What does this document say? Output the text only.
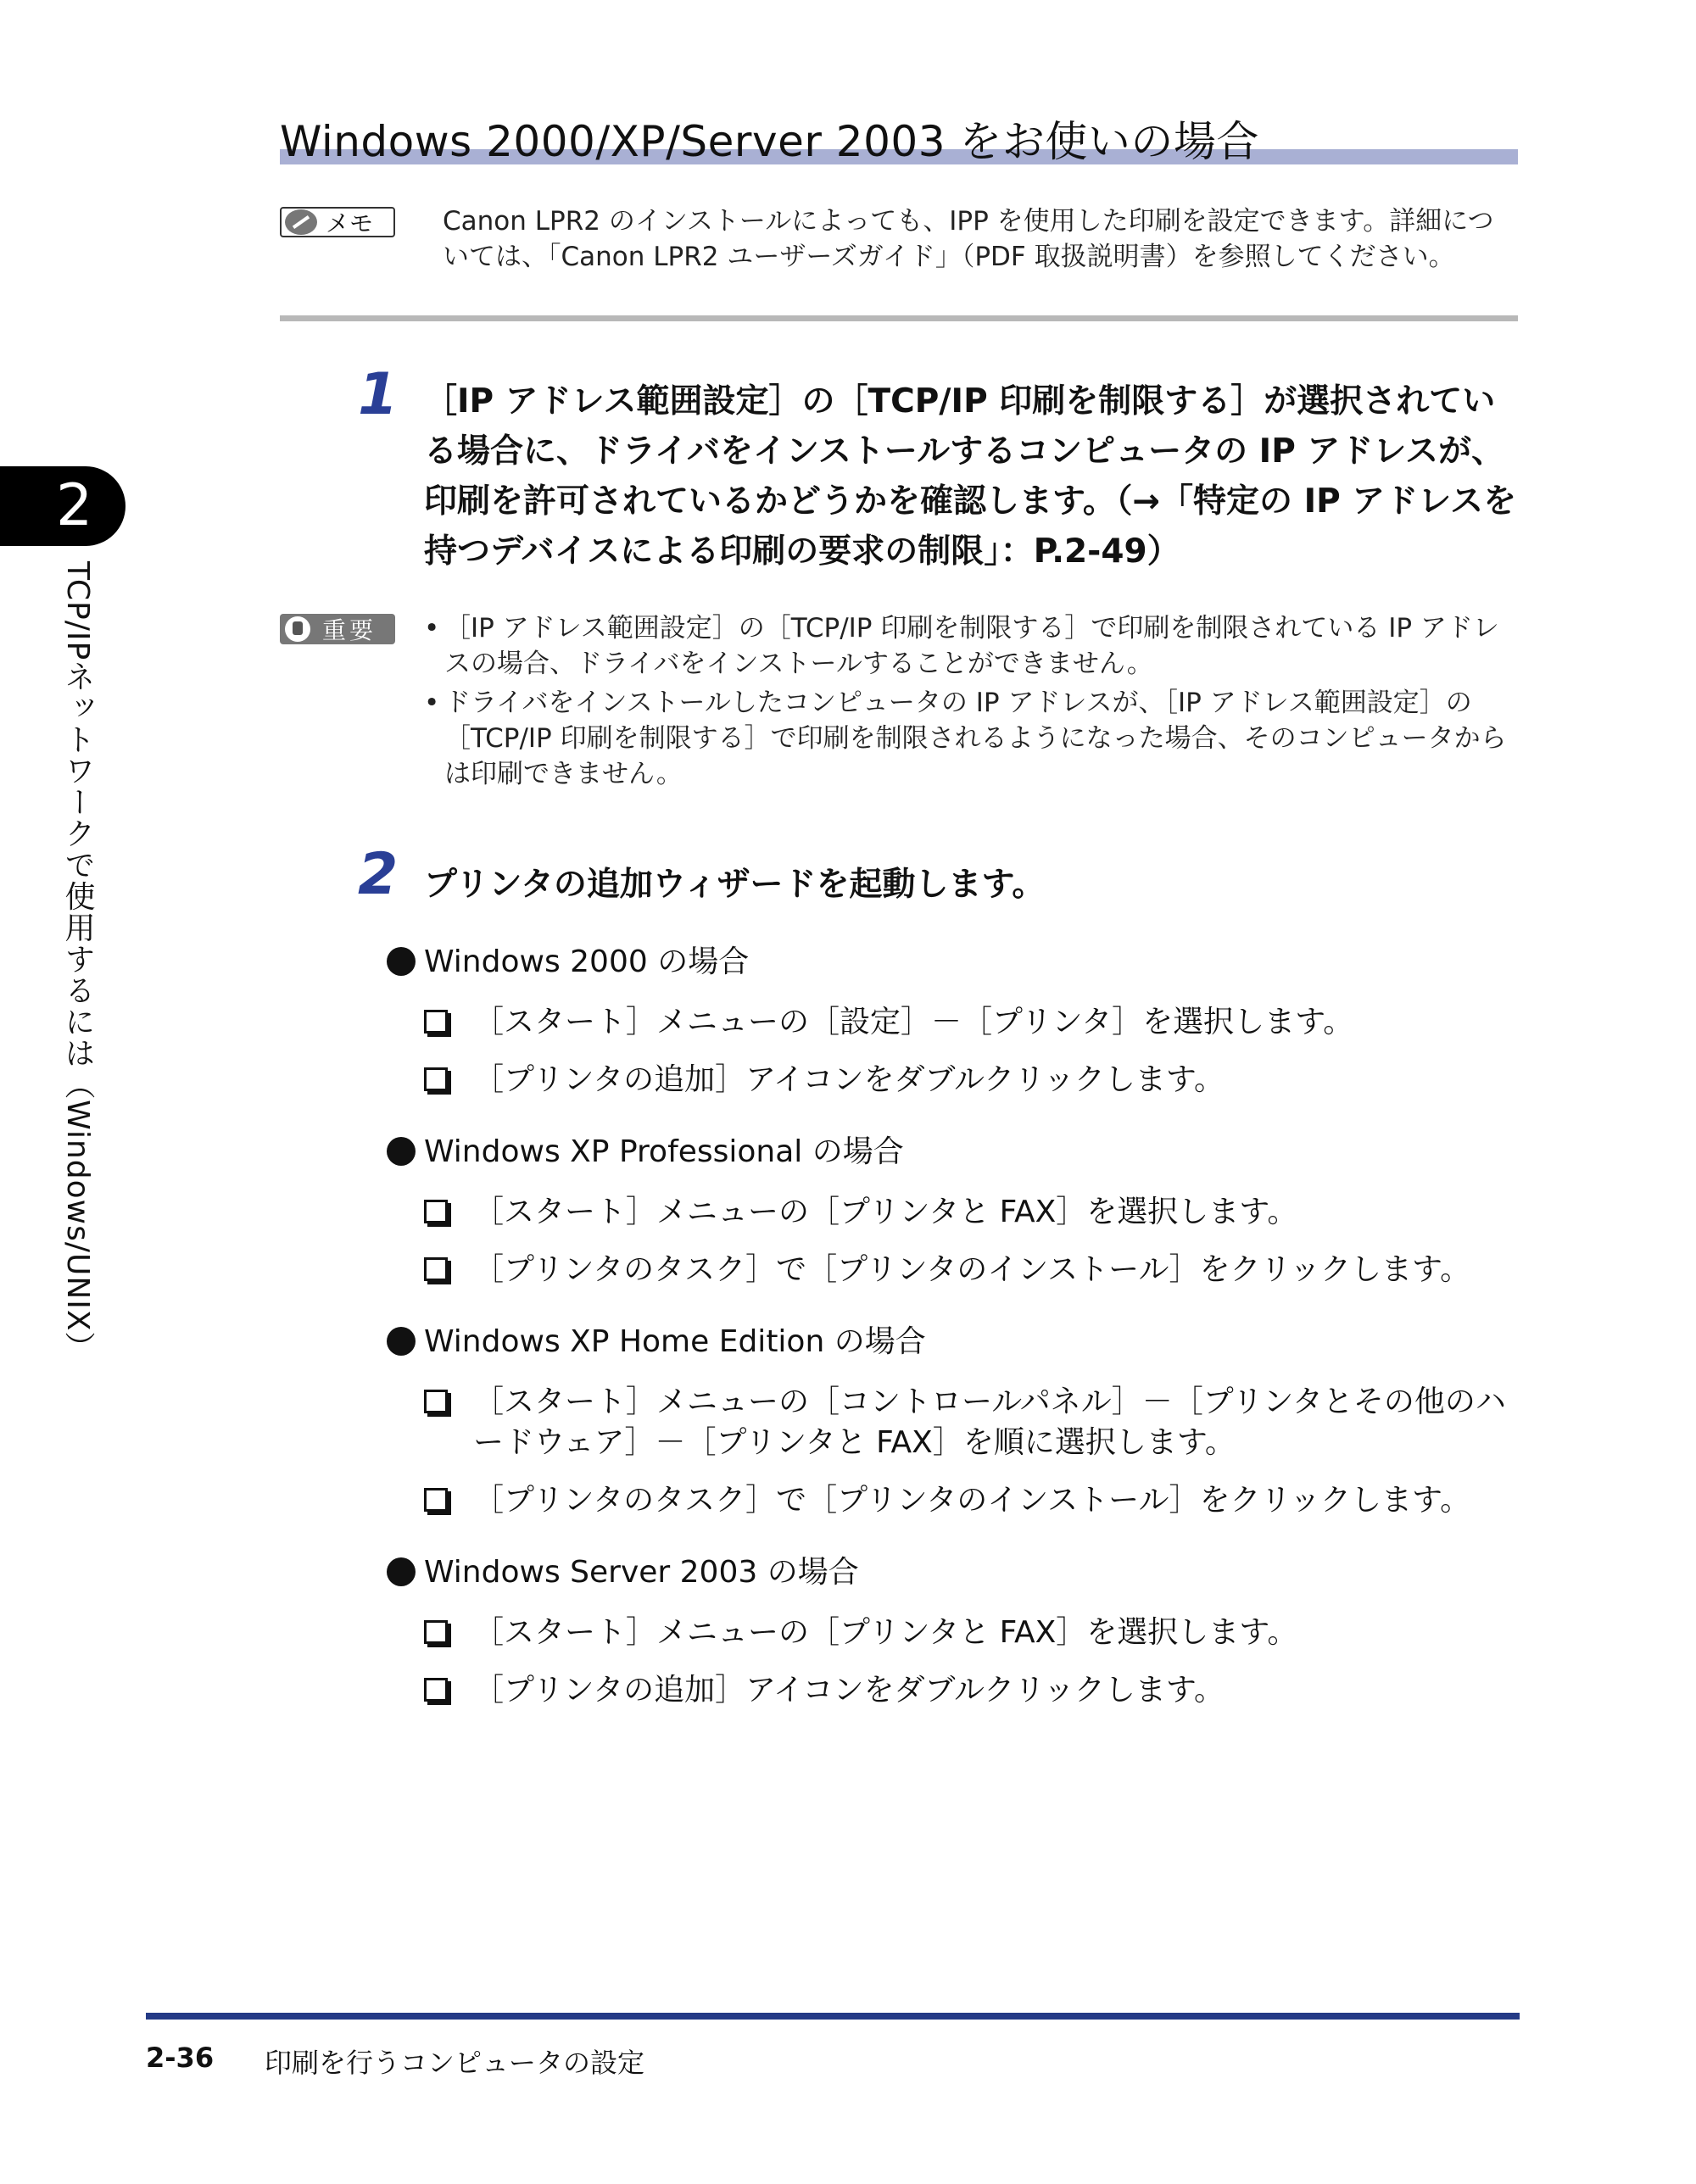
Windows 2000/XP/Server 2003 をお使いの場合
メモ	Canon LPR2 のインストールによっても、IPP を使用した印刷を設定できます。詳細については、「Canon LPR2 ユーザーズガイド」（PDF 取扱説明書）を参照してください。

1 ［IP アドレス範囲設定］の［TCP/IP 印刷を制限する］が選択されている場合に、ドライバをインストールするコンピュータの IP アドレスが、印刷を許可されているかどうかを確認します。（→「特定の IP アドレスを持つデバイスによる印刷の要求の制限」：P.2-49）

重要 • ［IP アドレス範囲設定］の［TCP/IP 印刷を制限する］で印刷を制限されている IP アドレスの場合、ドライバをインストールすることができません。
• ドライバをインストールしたコンピュータの IP アドレスが、［IP アドレス範囲設定］の［TCP/IP 印刷を制限する］で印刷を制限されるようになった場合、そのコンピュータからは印刷できません。
2 プリンタの追加ウィザードを起動します。

Windows 2000 の場合
［スタート］メニューの［設定］－［プリンタ］を選択します。
［プリンタの追加］アイコンをダブルクリックします。
Windows XP Professional の場合
［スタート］メニューの［プリンタと FAX］を選択します。
［プリンタのタスク］で［プリンタのインストール］をクリックします。
Windows XP Home Edition の場合
［スタート］メニューの［コントロールパネル］－［プリンタとその他のハードウェア］－［プリンタと FAX］を順に選択します。
［プリンタのタスク］で［プリンタのインストール］をクリックします。
Windows Server 2003 の場合
［スタート］メニューの［プリンタと FAX］を選択します。
［プリンタの追加］アイコンをダブルクリックします。
2
TCP/IPネットワークで使用するには（Windows/UNIX）
2-36 印刷を行うコンピュータの設定
